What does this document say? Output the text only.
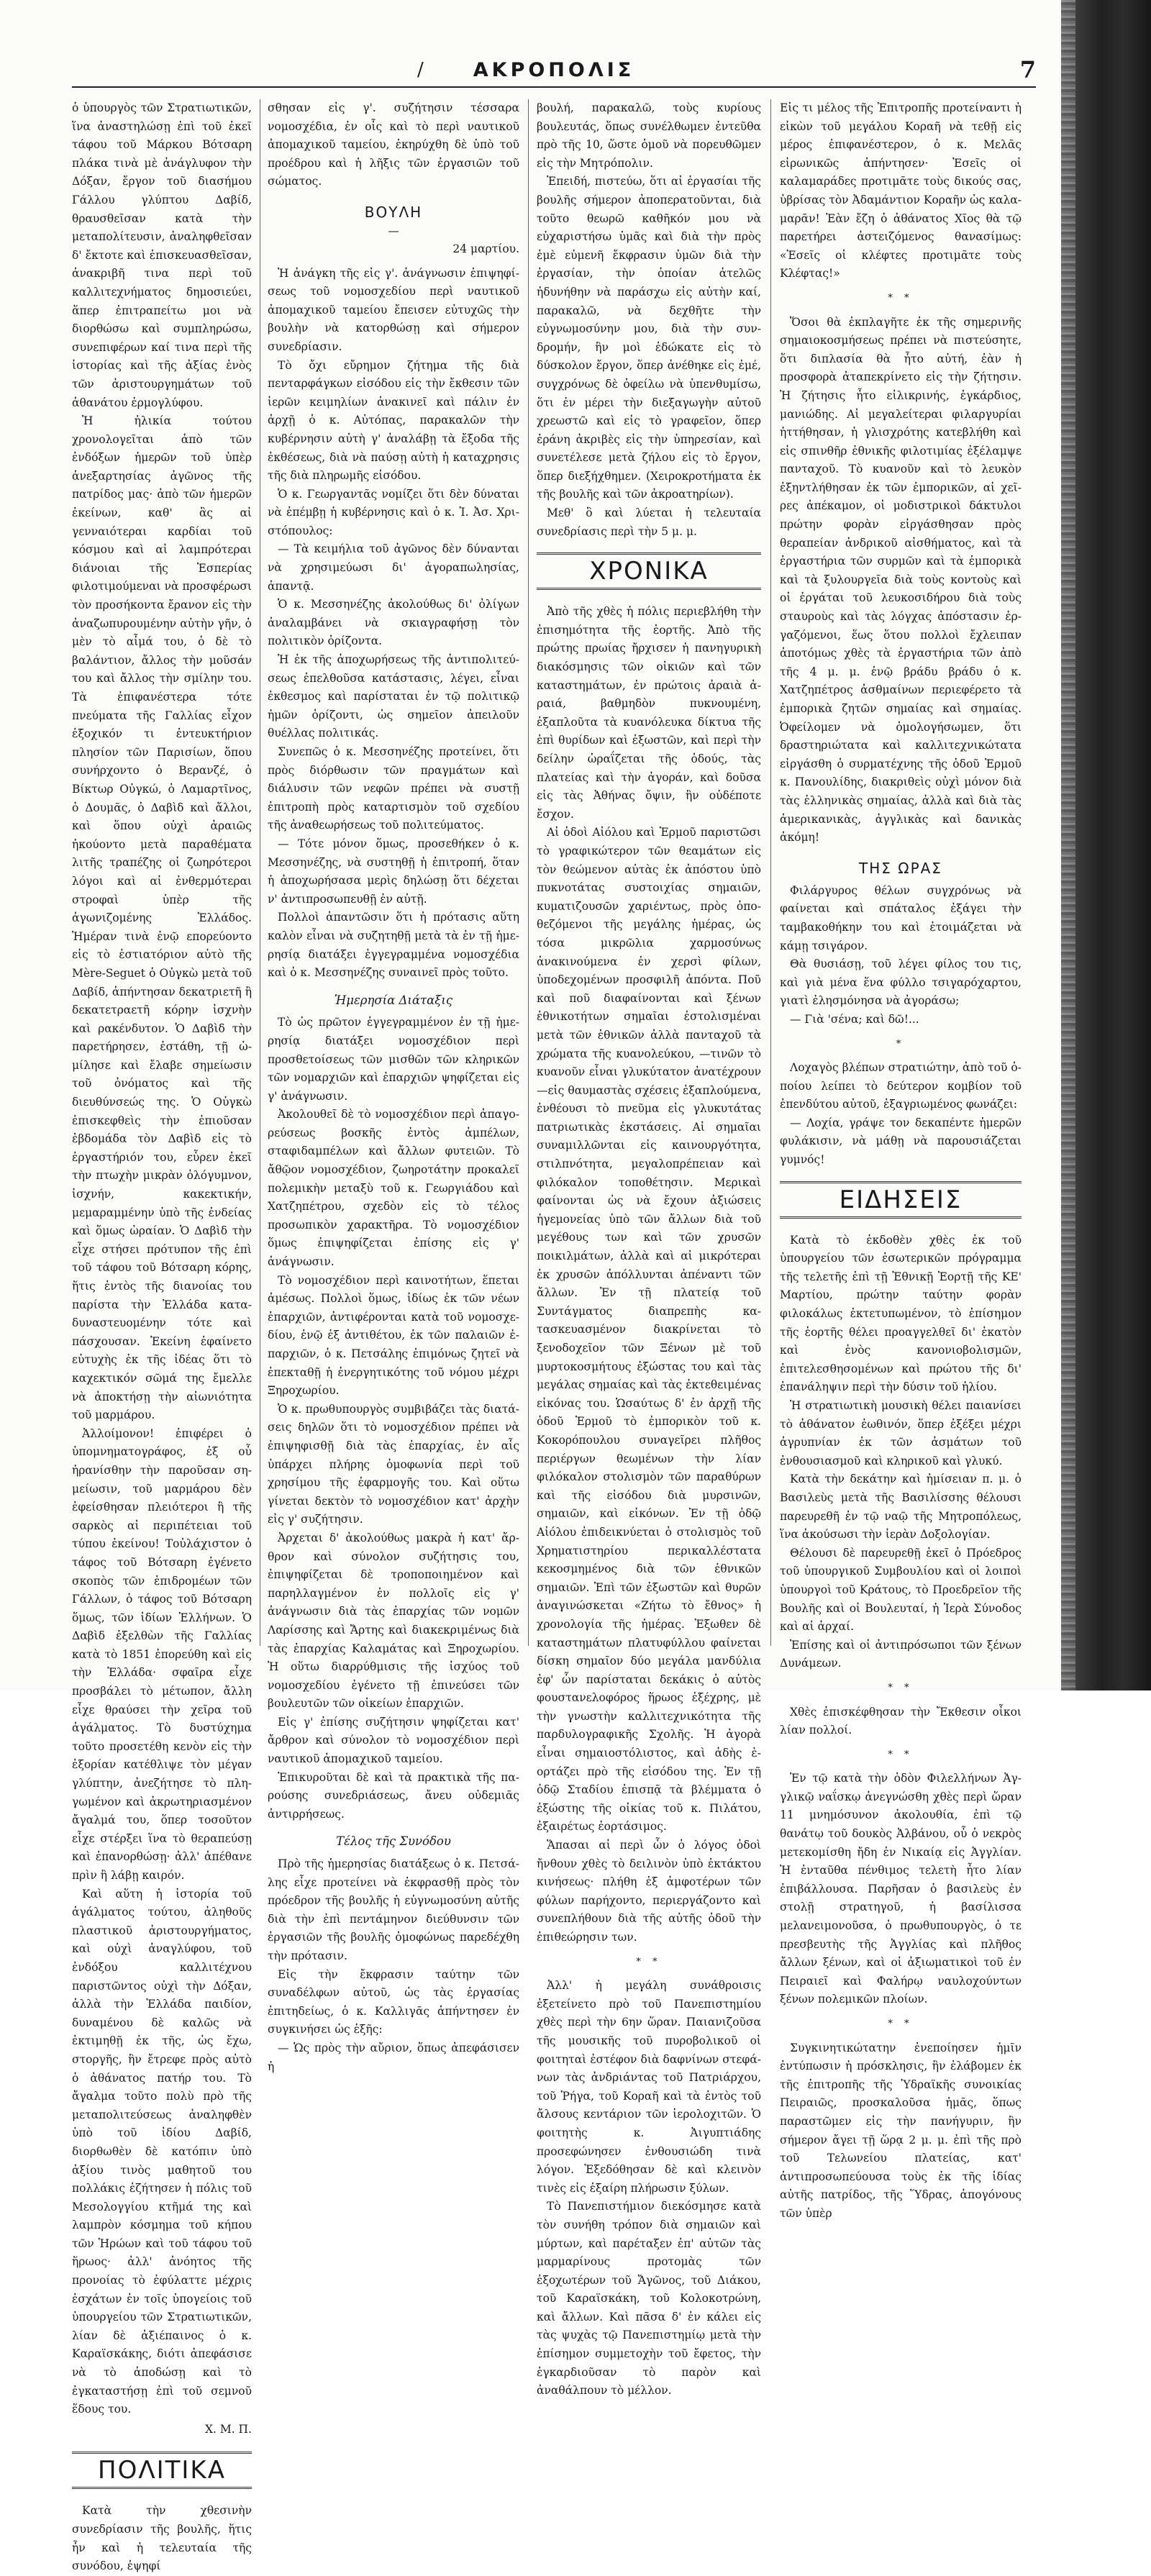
/	ΑΚΡΟΠΟΛΙΣ	7

ὁ ὑπουργὸς τῶν Στρατιωτικῶν, ἵνα ἀναστηλώσῃ ἐπὶ τοῦ ἐκεῖ τάφου τοῦ Μάρκου Βότσαρη πλάκα τινὰ μὲ ἀνάγλυφον τὴν Δόξαν, ἔργον τοῦ διασήμου Γάλλου γλύπτου Δαβίδ, θραυσθεῖσαν κατὰ τὴν μεταπολίτευσιν, ἀναληφθεῖσαν δ' ἔκτοτε καὶ ἐπισκευασθεῖσαν, ἀνακριβῆ τινα περὶ τοῦ καλλιτεχνήματος δημοσιεύει, ἅπερ ἐπιτραπείτω μοι νὰ διορθώσω καὶ συμπληρώσω, συνεπιφέρων καί τινα περὶ τῆς ἱστορίας καὶ τῆς ἀξίας ἑνὸς τῶν ἀριστουργημάτων τοῦ ἀθανάτου ἐρμογλύφου.

Ἡ ἡλικία τούτου χρονολογεῖται ἀπὸ τῶν ἐνδόξων ἡμερῶν τοῦ ὑπὲρ ἀνεξαρτησίας ἀγῶνος τῆς πατρίδος μας· ἀπὸ τῶν ἡμερῶν ἐκείνων, καθ' ἃς αἱ γενναιότεραι καρδίαι τοῦ κόσμου καὶ αἱ λαμπρότεραι διάνοιαι τῆς Ἑσπερίας φιλοτιμούμεναι νὰ προσφέρωσι τὸν προσήκοντα ἔρανον εἰς τὴν ἀναζωπυρουμένην αὐτὴν γῆν, ὁ μὲν τὸ αἷμά του, ὁ δὲ τὸ βαλάντιον, ἄλλος τὴν μοῦσάν του καὶ ἄλλος τὴν σμίλην του. Τὰ ἐπιφανέστερα τότε πνεύματα τῆς Γαλλίας εἶχον ἐξοχικόν τι ἐντευκτήριον πλησίον τῶν Παρισίων, ὅπου συνήρχοντο ὁ Βερανζέ, ὁ Βίκτωρ Οὐγκώ, ὁ Λαμαρτῖνος, ὁ Δουμᾶς, ὁ Δαβὶδ καὶ ἄλλοι, καὶ ὅπου οὐχὶ ἀραιῶς ἠκούοντο μετὰ παραθέματα λιτῆς τραπέζης οἱ ζωηρότεροι λόγοι καὶ αἱ ἐνθερμότεραι στροφαὶ ὑπὲρ τῆς ἀγωνιζομένης Ἑλλάδος. Ἡμέραν τινὰ ἐνῷ επορεύοντο εἰς τὸ ἑστιατόριον αὐτὸ τῆς Mère-Seguet ὁ Οὐγκὼ μετὰ τοῦ Δαβίδ, ἀπήντησαν δεκατριετῆ ἢ δεκατετραετῆ κόρην ἰσχνὴν καὶ ρακένδυτον. Ὁ Δαβὶδ τὴν παρετήρησεν, ἐστάθη, τῇ ὡμίλησε καὶ ἔλαβε σημείωσιν τοῦ ὀνόματος καὶ τῆς διευθύνσεώς της. Ὁ Οὐγκὼ ἐπισκεφθεὶς τὴν ἐπιοῦσαν ἑβδομάδα τὸν Δαβὶδ εἰς τὸ ἐργαστήριόν του, εὗρεν ἐκεῖ τὴν πτωχὴν μικρὰν ὀλόγυμνον, ἰσχνήν, κακεκτικήν, μεμαραμμένην ὑπὸ τῆς ἐνδείας καὶ ὅμως ὡραίαν. Ὁ Δαβὶδ τὴν εἶχε στήσει πρότυπον τῆς ἐπὶ τοῦ τάφου τοῦ Βότσαρη κόρης, ἥτις ἐντὸς τῆς διανοίας του παρίστα τὴν Ἑλλάδα καταδυναστευομένην τότε καὶ πάσχουσαν. Ἐκείνη ἐφαίνετο εὐτυχὴς ἐκ τῆς ἰδέας ὅτι τὸ καχεκτικόν σῶμά της ἔμελλε νὰ ἀποκτήσῃ τὴν αἰωνιότητα τοῦ μαρμάρου.

Ἀλλοίμονον! ἐπιφέρει ὁ ὑπομνηματογράφος, ἐξ οὗ ἠρανίσθην τὴν παροῦσαν σημείωσιν, τοῦ μαρμάρου δὲν ἐφείσθησαν πλειότεροι ἢ τῆς σαρκὸς αἱ περιπέτειαι τοῦ τύπου ἐκείνου! Τοὐλάχιστον ὁ τάφος τοῦ Βότσαρη ἐγένετο σκοπὸς τῶν ἐπιδρομέων τῶν Γάλλων, ὁ τάφος τοῦ Βότσαρη ὅμως, τῶν ἰδίων Ἑλλήνων. Ὁ Δαβὶδ ἐξελθὼν τῆς Γαλλίας κατὰ τὸ 1851 ἐπορεύθη καὶ εἰς τὴν Ἑλλάδα· σφαῖρα εἶχε προσβάλει τὸ μέτωπον, ἄλλη εἶχε θραύσει τὴν χεῖρα τοῦ ἀγάλματος. Τὸ δυστύχημα τοῦτο προσετέθη κενὸν εἰς τὴν ἐξορίαν κατέθλιψε τὸν μέγαν γλύπτην, ἀνεζήτησε τὸ πληγωμένον καὶ ἀκρωτηριασμένον ἄγαλμά του, ὅπερ τοσοῦτον εἶχε στέρξει ἵνα τὸ θεραπεύσῃ καὶ ἐπανορθώσῃ· ἀλλ' ἀπέθανε πρὶν ἢ λάβῃ καιρόν.

Καὶ αὕτη ἡ ἱστορία τοῦ ἀγάλματος τούτου, ἀληθοῦς πλαστικοῦ ἀριστουργήματος, καὶ οὐχὶ ἀναγλύφου, τοῦ ἐνδόξου καλλιτέχνου παριστῶντος οὐχὶ τὴν Δόξαν, ἀλλὰ τὴν Ἑλλάδα παιδίον, δυναμένου δὲ καλῶς νὰ ἐκτιμηθῇ ἐκ τῆς, ὡς ἔχω, στοργῆς, ἣν ἔτρεφε πρὸς αὐτὸ ὁ ἀθάνατος πατήρ του. Τὸ ἄγαλμα τοῦτο πολὺ πρὸ τῆς μεταπολιτεύσεως ἀναληφθὲν ὑπὸ τοῦ ἰδίου Δαβίδ, διορθωθὲν δὲ κατόπιν ὑπὸ ἀξίου τινὸς μαθητοῦ του πολλάκις ἐζήτησεν ἡ πόλις τοῦ Μεσολογγίου κτῆμά της καὶ λαμπρὸν κόσμημα τοῦ κήπου τῶν Ἡρώων καὶ τοῦ τάφου τοῦ ἥρωος· ἀλλ' ἀνόητος τῆς προνοίας τὸ ἐφύλαττε μέχρις ἐσχάτων ἐν τοῖς ὑπογείοις τοῦ ὑπουργείου τῶν Στρατιωτικῶν, λίαν δὲ ἀξιέπαινος ὁ κ. Καραϊσκάκης, διότι ἀπεφάσισε νὰ τὸ ἀποδώσῃ καὶ τὸ ἐγκαταστήσῃ ἐπὶ τοῦ σεμνοῦ ἕδους του.

Χ. Μ. Π.
ΠΟΛΙΤΙΚΑ

Κατὰ τὴν χθεσινὴν συνεδρίασιν τῆς βουλῆς, ἥτις ἦν καὶ ἡ τελευταία τῆς συνόδου, ἐψηφί

σθησαν εἰς γ'. συζήτησιν τέσσαρα νομοσχέδια, ἐν οἷς καὶ τὸ περὶ ναυτικοῦ ἀπομαχικοῦ ταμείου, ἐκηρύχθη δὲ ὑπὸ τοῦ προέδρου καὶ ἡ λῆξις τῶν ἐργασιῶν τοῦ σώματος.

ΒΟΥΛΗ
—
24 μαρτίου.

Ἡ ἀνάγκη τῆς εἰς γ'. ἀνάγνωσιν ἐπιψηφίσεως τοῦ νομοσχεδίου περὶ ναυτικοῦ ἀπομαχικοῦ ταμείου ἔπεισεν εὐτυχῶς τὴν βουλὴν νὰ κατορθώσῃ καὶ σήμερον συνεδρίασιν.

Τὸ ὄχι εὔρημον ζήτημα τῆς διὰ πενταρφάγκων εἰσόδου εἰς τὴν ἔκθεσιν τῶν ἱερῶν κειμηλίων ἀνακινεῖ καὶ πάλιν ἐν ἀρχῇ ὁ κ. Αὐτόπας, παρακαλῶν τὴν κυβέρνησιν αὐτὴ γ' ἀναλάβῃ τὰ ἔξοδα τῆς ἐκθέσεως, διὰ νὰ παύσῃ αὐτὴ ἡ καταχρησις τῆς διὰ πληρωμῆς εἰσόδου.

Ὁ κ. Γεωργαντᾶς νομίζει ὅτι δὲν δύναται νὰ ἐπέμβῃ ἡ κυβέρνησις καὶ ὁ κ. Ἰ. Ἀσ. Χριστόπουλος:

— Τὰ κειμήλια τοῦ ἀγῶνος δὲν δύνανται νὰ χρησιμεύωσι δι' ἀγοραπωλησίας, ἀπαντᾷ.

Ὁ κ. Μεσσηνέζης ἀκολούθως δι' ὀλίγων ἀναλαμβάνει νὰ σκιαγραφήσῃ τὸν πολιτικὸν ὁρίζοντα.

Ἡ ἐκ τῆς ἀποχωρήσεως τῆς ἀντιπολιτεύσεως ἐπελθοῦσα κατάστασις, λέγει, εἶναι ἐκθεσμος καὶ παρίσταται ἐν τῷ πολιτικῷ ἡμῶν ὁρίζοντι, ὡς σημεῖον ἀπειλοῦν θυέλλας πολιτικάς.

Συνεπῶς ὁ κ. Μεσσηνέζης προτείνει, ὅτι πρὸς διόρθωσιν τῶν πραγμάτων καὶ διάλυσιν τῶν νεφῶν πρέπει νὰ συστῇ ἐπιτροπὴ πρὸς καταρτισμὸν τοῦ σχεδίου τῆς ἀναθεωρήσεως τοῦ πολιτεύματος.

— Τότε μόνον ὅμως, προσεθήκεν ὁ κ. Μεσσηνέζης, νὰ συστηθῇ ἡ ἐπιτροπή, ὅταν ἡ ἀποχωρήσασα μερὶς δηλώσῃ ὅτι δέχεται ν' ἀντιπροσωπευθῇ ἐν αὐτῇ.

Πολλοὶ ἀπαντῶσιν ὅτι ἡ πρότασις αὕτη καλὸν εἶναι νὰ συζητηθῇ μετὰ τὰ ἐν τῇ ἡμερησίᾳ διατάξει ἐγγεγραμμένα νομοσχέδια καὶ ὁ κ. Μεσσηνέζης συναινεῖ πρὸς τοῦτο.

Ἡμερησία Διάταξις

Τὸ ὡς πρῶτον ἐγγεγραμμένον ἐν τῇ ἡμερησίᾳ διατάξει νομοσχέδιον περὶ προσθετοίσεως τῶν μισθῶν τῶν κληρικῶν τῶν νομαρχιῶν καὶ ἐπαρχιῶν ψηφίζεται εἰς γ' ἀνάγνωσιν.

Ἀκολουθεῖ δὲ τὸ νομοσχέδιον περὶ ἀπαγορεύσεως βοσκῆς ἐντὸς ἀμπέλων, σταφιδαμπέλων καὶ ἄλλων φυτειῶν. Τὸ ἄθῷον νομοσχέδιον, ζωηροτάτην προκαλεῖ πολεμικὴν μεταξὺ τοῦ κ. Γεωργιάδου καὶ Χατζηπέτρου, σχεδὸν εἰς τὸ τέλος προσωπικὸν χαρακτῆρα. Τὸ νομοσχέδιον ὅμως ἐπιψηφίζεται ἐπίσης εἰς γ' ἀνάγνωσιν.

Τὸ νομοσχέδιον περὶ καινοτήτων, ἕπεται ἀμέσως. Πολλοὶ ὅμως, ἰδίως ἐκ τῶν νέων ἐπαρχιῶν, ἀντιφέρονται κατὰ τοῦ νομοσχεδίου, ἐνῷ ἐξ ἀντιθέτου, ἐκ τῶν παλαιῶν ἐπαρχιῶν, ὁ κ. Πετσάλης ἐπιμόνως ζητεῖ νὰ ἐπεκταθῇ ἡ ἐνεργητικότης τοῦ νόμου μέχρι Ξηροχωρίου.

Ὁ κ. πρωθυπουργὸς συμβιβάζει τὰς διατάσεις δηλῶν ὅτι τὸ νομοσχέδιον πρέπει νὰ ἐπιψηφισθῇ διὰ τὰς ἐπαρχίας, ἐν αἷς ὑπάρχει πλήρης ὁμοφωνία περὶ τοῦ χρησίμου τῆς ἐφαρμογῆς του. Καὶ οὕτω γίνεται δεκτὸν τὸ νομοσχέδιον κατ' ἀρχὴν εἰς γ' συζήτησιν.

Ἀρχεται δ' ἀκολούθως μακρὰ ἡ κατ' ἄρθρον καὶ σύνολον συζήτησις του, ἐπιψηφίζεται δὲ τροποποιημένον καὶ παρηλλαγμένον ἐν πολλοῖς εἰς γ' ἀνάγνωσιν διὰ τὰς ἐπαρχίας τῶν νομῶν Λαρίσσης καὶ Ἄρτης καὶ διακεκριμένως διὰ τὰς ἐπαρχίας Καλαμάτας καὶ Ξηροχωρίου. Ἡ οὕτω διαρρύθμισις τῆς ἰσχύος τοῦ νομοσχεδίου ἐγένετο τῇ ἐπινεύσει τῶν βουλευτῶν τῶν οἰκείων ἐπαρχιῶν.

Εἰς γ' ἐπίσης συζήτησιν ψηφίζεται κατ' ἄρθρον καὶ σύνολον τὸ νομοσχέδιον περὶ ναυτικοῦ ἀπομαχικοῦ ταμείου.

Ἐπικυροῦται δὲ καὶ τὰ πρακτικὰ τῆς παρούσης συνεδριάσεως, ἄνευ οὐδεμιᾶς ἀντιρρήσεως.

Τέλος τῆς Συνόδου

Πρὸ τῆς ἡμερησίας διατάξεως ὁ κ. Πετσάλης εἶχε προτείνει νὰ ἐκφρασθῇ πρὸς τὸν πρόεδρον τῆς βουλῆς ἡ εὐγνωμοσύνη αὐτῆς διὰ τὴν ἐπὶ πεντάμηνον διεύθυνσιν τῶν ἐργασιῶν τῆς βουλῆς ὁμοφώνως παρεδέχθη τὴν πρότασιν.

Εἰς τὴν ἔκφρασιν ταύτην τῶν συναδέλφων αὐτοῦ, ὡς τὰς ἐργασίας ἐπιτηδείως, ὁ κ. Καλλιγᾶς ἀπήντησεν ἐν συγκινήσει ὡς ἑξῆς:

— Ὡς πρὸς τὴν αὔριον, ὅπως ἀπεφάσισεν ἡ

βουλή, παρακαλῶ, τοὺς κυρίους βουλευτάς, ὅπως συνέλθωμεν ἐντεῦθα πρὸ τῆς 10, ὥστε ὁμοῦ νὰ πορευθῶμεν εἰς τὴν Μητρόπολιν.

Ἐπειδή, πιστεύω, ὅτι αἱ ἐργασίαι τῆς βουλῆς σήμερον ἀποπερατοῦνται, διὰ τοῦτο θεωρῶ καθῆκόν μου νὰ εὐχαριστήσω ὑμᾶς καὶ διὰ τὴν πρὸς ἐμὲ εὐμενῆ ἔκφρασιν ὑμῶν διὰ τὴν ἐργασίαν, τὴν ὁποίαν ἀτελῶς ἠδυνήθην νὰ παράσχω εἰς αὐτὴν καί, παρακαλῶ, νὰ δεχθῆτε τὴν εὐγνωμοσύνην μου, διὰ τὴν συνδρομήν, ἣν μοὶ ἐδώκατε εἰς τὸ δύσκολον ἔργον, ὅπερ ἀνέθηκε εἰς ἐμέ, συγχρόνως δὲ ὀφείλω νὰ ὑπενθυμίσω, ὅτι ἐν μέρει τὴν διεξαγωγὴν αὐτοῦ χρεωστῶ καὶ εἰς τὸ γραφεῖον, ὅπερ ἐράνη ἀκριβὲς εἰς τὴν ὑπηρεσίαν, καὶ συνετέλεσε μετὰ ζήλου εἰς τὸ ἔργον, ὅπερ διεξήχθημεν. (Χειροκροτήματα ἐκ τῆς βουλῆς καὶ τῶν ἀκροατηρίων).

Μεθ' ὃ καὶ λύεται ἡ τελευταία συνεδρίασις περὶ τὴν 5 μ. μ.

ΧΡΟΝΙΚΑ

Ἀπὸ τῆς χθὲς ἡ πόλις περιεβλήθη τὴν ἐπισημότητα τῆς ἑορτῆς. Ἀπὸ τῆς πρώτης πρωίας ἤρχισεν ἡ πανηγυρικὴ διακόσμησις τῶν οἰκιῶν καὶ τῶν καταστημάτων, ἐν πρώτοις ἀραιὰ ἀραιά, βαθμηδὸν πυκνουμένη, ἐξαπλοῦτα τὰ κυανόλευκα δίκτυα τῆς ἐπὶ θυρίδων καὶ ἐξωστῶν, καὶ περὶ τὴν δείλην ὡραΐζεται τῆς ὁδούς, τὰς πλατείας καὶ τὴν ἀγοράν, καὶ δοῦσα εἰς τὰς Ἀθήνας ὄψιν, ἣν οὐδέποτε ἔσχον.

Αἱ ὁδοὶ Αἰόλου καὶ Ἑρμοῦ παριστῶσι τὸ γραφικώτερον τῶν θεαμάτων εἰς τὸν θεώμενον αὐτὰς ἐκ ἀπόστου ὑπὸ πυκνοτάτας συστοιχίας σημαιῶν, κυματιζουσῶν χαριέντως, πρὸς ὁποθεζόμενοι τῆς μεγάλης ἡμέρας, ὡς τόσα μικρῶλια χαρμοσύνως ἀνακινούμενα ἐν χερσὶ φίλων, ὑποδεχομένων προσφιλῆ ἀπόντα. Ποῦ καὶ ποῦ διαφαίνονται καὶ ξένων ἐθνικοτήτων σημαῖαι ἐστολισμέναι μετὰ τῶν ἐθνικῶν ἀλλὰ πανταχοῦ τὰ χρώματα τῆς κυανολεύκου, —τινῶν τὸ κυανοῦν εἶναι γλυκύτατον ἀνατέχρουν—εἰς θαυμαστὰς σχέσεις ἐξαπλούμενα, ἐνθέουσι τὸ πνεῦμα εἰς γλυκυτάτας πατριωτικὰς ἐκστάσεις. Αἱ σημαῖαι συναμιλλῶνται εἰς καινουργότητα, στιλπνότητα, μεγαλοπρέπειαν καὶ φιλόκαλον τοποθέτησιν. Μερικαὶ φαίνονται ὡς νὰ ἔχουν ἀξιώσεις ἡγεμονείας ὑπὸ τῶν ἄλλων διὰ τοῦ μεγέθους των καὶ τῶν χρυσῶν ποικιλμάτων, ἀλλὰ καὶ αἱ μικρότεραι ἐκ χρυσῶν ἀπόλλυνται ἀπέναντι τῶν ἄλλων. Ἐν τῇ πλατείᾳ τοῦ Συντάγματος διαπρεπὴς κατασκευασμένον διακρίνεται τὸ ξενοδοχεῖον τῶν Ξένων μὲ τοῦ μυρτοκοσμήτους ἐξώστας του καὶ τὰς μεγάλας σημαίας καὶ τὰς ἐκτεθειμένας εἰκόνας του. Ὡσαύτως δ' ἐν ἀρχῇ τῆς ὁδοῦ Ἑρμοῦ τὸ ἐμπορικὸν τοῦ κ. Κοκορόπουλου συναγεῖρει πλῆθος περιέργων θεωμένων τὴν λίαν φιλόκαλον στολισμὸν τῶν παραθύρων καὶ τῆς εἰσόδου διὰ μυρσινῶν, σημαιῶν, καὶ εἰκόνων. Ἐν τῇ ὁδῷ Αἰόλου ἐπιδεικνύεται ὁ στολισμὸς τοῦ Χρηματιστηρίου περικαλλέστατα κεκοσμημένος διὰ τῶν ἐθνικῶν σημαιῶν. Ἐπὶ τῶν ἐξωστῶν καὶ θυρῶν ἀναγινώσκεται «Ζήτω τὸ ἔθνος» ἡ χρονολογία τῆς ἡμέρας. Ἐξωθεν δὲ καταστημάτων πλατυφύλλου φαίνεται δίσκη σημαῖον δύο μεγάλα μανδύλια ἐφ' ὧν παρίσταται δεκάκις ὁ αὐτὸς φουστανελοφόρος ἥρωος ἐξέχρης, μὲ τὴν γνωστὴν καλλιτεχνικότητα τῆς παρδυλογραφικῆς Σχολῆς. Ἡ ἀγορὰ εἶναι σημαιοστόλιστος, καὶ ἀδὴς ἑορτάζει πρὸ τῆς εἰσόδου της. Ἐν τῇ ὁδῷ Σταδίου ἐπισπᾷ τὰ βλέμματα ὁ ἐξώστης τῆς οἰκίας τοῦ κ. Πιλάτου, ἐξαιρέτως ἐορτάσιμος.

Ἅπασαι αἱ περὶ ὧν ὁ λόγος ὁδοὶ ἤνθουν χθὲς τὸ δειλινὸν ὑπὸ ἐκτάκτου κινήσεως· πλήθη ἐξ ἀμφοτέρων τῶν φύλων παρήχοντο, περιεργάζοντο καὶ συνεπλήθουν διὰ τῆς αὐτῆς ὁδοῦ τὴν ἐπιθεώρησιν των.

* *

Ἀλλ' ἡ μεγάλη συνάθροισις ἐξετείνετο πρὸ τοῦ Πανεπιστημίου χθὲς περὶ τὴν 6ην ὥραν. Παιανιζοῦσα τῆς μουσικῆς τοῦ πυροβολικοῦ οἱ φοιτηταὶ ἐστέφον διὰ δαφνίνων στεφάνων τὰς ἀνδριάντας τοῦ Πατριάρχου, τοῦ Ῥήγα, τοῦ Κοραῆ καὶ τὰ ἐντὸς τοῦ ἄλσους κεντάριον τῶν ἱερολοχιτῶν. Ὁ φοιτητὴς κ. Ἀιγυπτιάδης προσεφώνησεν ἐνθουσιώδη τινὰ λόγον. Ἐξεδόθησαν δὲ καὶ κλεινὸν τινὲς εἰς ἐξαίρη πλήρωσιν ξύλων.

Τὸ Πανεπιστήμιον διεκόσμησε κατὰ τὸν συνήθη τρόπον διὰ σημαιῶν καὶ μύρτων, καὶ παρέταξεν ἐπ' αὐτῶν τὰς μαρμαρίνους προτομὰς τῶν ἐξοχωτέρων τοῦ Ἄγῶνος, τοῦ Διάκου, τοῦ Καραϊσκάκη, τοῦ Κολοκοτρώνη, καὶ ἄλλων. Καὶ πᾶσα δ' ἐν κάλει εἰς τὰς ψυχὰς τῷ Πανεπιστημίῳ μετὰ τὴν ἐπίσημον συμμετοχὴν τοῦ ἔφετος, τὴν ἐγκαρδιοῦσαν τὸ παρὸν καὶ ἀναθάλπουν τὸ μέλλον.

Εἰς τι μέλος τῆς Ἐπιτροπῆς προτείναντι ἡ εἰκὼν τοῦ μεγάλου Κοραῆ νὰ τεθῇ εἰς μέρος ἐπιφανέστερον, ὁ κ. Μελᾶς εἰρωνικῶς ἀπήντησεν· Ἐσεῖς οἱ καλαμαράδες προτιμᾶτε τοὺς δικούς σας, ὑβρίσας τὸν Ἀδαμάντιον Κοραῆν ὡς καλαμαρᾶν! Ἐὰν ἔζη ὁ ἀθάνατος Χῖος θὰ τῷ παρετήρει ἀστειζόμενος θανασίμως: «Ἐσεῖς οἱ κλέφτες προτιμᾶτε τοὺς Κλέφτας!»

* *

Ὅσοι θὰ ἐκπλαγῆτε ἐκ τῆς σημερινῆς σημαιοκοσμήσεως πρέπει νὰ πιστεύσητε, ὅτι διπλασία θὰ ἦτο αὐτή, ἐὰν ἡ προσφορὰ ἀταπεκρίνετο εἰς τὴν ζήτησιν. Ἡ ζήτησις ἦτο εἰλικρινής, ἐγκάρδιος, μανιώδης. Αἱ μεγαλείτεραι φιλαργυρίαι ἡττήθησαν, ἡ γλισχρότης κατεβλήθη καὶ εἰς σπινθῆρ ἐθνικῆς φιλοτιμίας ἐξέλαμψε πανταχοῦ. Τὸ κυανοῦν καὶ τὸ λευκὸν ἐξηντλήθησαν ἐκ τῶν ἐμπορικῶν, αἱ χεῖρες ἀπέκαμον, οἱ μοδιστρικοὶ δάκτυλοι πρώτην φορὰν εἰργάσθησαν πρὸς θεραπείαν ἀνδρικοῦ αἰσθήματος, καὶ τὰ ἐργαστήρια τῶν συρμῶν καὶ τὰ ἐμπορικὰ καὶ τὰ ξυλουργεῖα διὰ τοὺς κοντοὺς καὶ οἱ ἐργάται τοῦ λευκοσιδήρου διὰ τοὺς σταυροὺς καὶ τὰς λόγχας ἀπόστασιν ἐργαζόμενοι, ἕως ὅτου πολλοὶ ἔχλειπαν ἀποτόμως χθὲς τὰ ἐργαστήρια τῶν ἀπὸ τῆς 4 μ. μ. ἐνῷ βράδυ βράδυ ὁ κ. Χατζηπέτρος ἀσθμαίνων περιεφέρετο τὰ ἐμπορικὰ ζητῶν σημαίας καὶ σημαίας. Ὀφείλομεν νὰ ὁμολογήσωμεν, ὅτι δραστηριώτατα καὶ καλλιτεχνικώτατα εἰργάσθη ὁ συρματέχνης τῆς ὁδοῦ Ἑρμοῦ κ. Πανουλίδης, διακριθεὶς οὐχὶ μόνον διὰ τὰς ἑλληνικὰς σημαίας, ἀλλὰ καὶ διὰ τὰς ἀμερικανικὰς, ἀγγλικὰς καὶ δανικὰς ἀκόμη!

ΤΗΣ ΩΡΑΣ

Φιλάργυρος θέλων συγχρόνως νὰ φαίνεται καὶ σπάταλος ἐξάγει τὴν ταμβακοθήκην του καὶ ἑτοιμάζεται νὰ κάμῃ τσιγάρον.

Θὰ θυσιάσῃ, τοῦ λέγει φίλος του τις, καὶ γιὰ μένα ἕνα φύλλο τσιγαρόχαρτου, γιατὶ ἐλησμόνησα νὰ ἀγοράσω;

— Γιὰ 'σένα; καὶ δῶ!...

*

Λοχαγὸς βλέπων στρατιώτην, ἀπὸ τοῦ ὁποίου λείπει τὸ δεύτερον κομβίον τοῦ ἐπενδύτου αὐτοῦ, ἐξαγριωμένος φωνάζει:

— Λοχία, γράψε τον δεκαπέντε ἡμερῶν φυλάκισιν, νὰ μάθῃ νὰ παρουσιάζεται γυμνός!

ΕΙΔΗΣΕΙΣ

Κατὰ τὸ ἐκδοθὲν χθὲς ἐκ τοῦ ὑπουργείου τῶν ἐσωτερικῶν πρόγραμμα τῆς τελετῆς ἐπὶ τῇ Ἐθνικῇ Ἑορτῇ τῆς ΚΕ' Μαρτίου, πρώτην ταύτην φορὰν φιλοκάλως ἐκτετυπωμένον, τὸ ἐπίσημον τῆς ἑορτῆς θέλει προαγγελθεῖ δι' ἑκατὸν καὶ ἑνὸς κανονιοβολισμῶν, ἐπιτελεσθησομένων καὶ πρώτου τῆς δι' ἐπανάληψιν περὶ τὴν δύσιν τοῦ ἡλίου.

Ἡ στρατιωτικὴ μουσικὴ θέλει παιανίσει τὸ ἀθάνατον ἐωθινόν, ὅπερ ἐξέξει μέχρι ἀγρυπνίαν ἐκ τῶν ἀσμάτων τοῦ ἐνθουσιασμοῦ καὶ κληρικοῦ καὶ γλυκύ.

Κατὰ τὴν δεκάτην καὶ ἡμίσειαν π. μ. ὁ Βασιλεὺς μετὰ τῆς Βασιλίσσης θέλουσι παρευρεθῆ ἐν τῷ ναῷ τῆς Μητροπόλεως, ἵνα ἀκούσωσι τὴν ἱερὰν Δοξολογίαν.

Θέλουσι δὲ παρευρεθῇ ἐκεῖ ὁ Πρόεδρος τοῦ ὑπουργικοῦ Συμβουλίου καὶ οἱ λοιποὶ ὑπουργοὶ τοῦ Κράτους, τὸ Προεδρεῖον τῆς Βουλῆς καὶ οἱ Βουλευταί, ἡ Ἱερὰ Σύνοδος καὶ αἱ ἀρχαί.

Ἐπίσης καὶ οἱ ἀντιπρόσωποι τῶν ξένων Δυνάμεων.

* *

Χθὲς ἐπισκέφθησαν τὴν Ἔκθεσιν οἶκοι λίαν πολλοί.

* *

Ἐν τῷ κατὰ τὴν ὁδὸν Φιλελλήνων Ἀγγλικῷ ναΐσκῳ ἀνεγνώσθη χθὲς περὶ ὥραν 11 μνημόσυνον ἀκολουθία, ἐπὶ τῷ θανάτῳ τοῦ δουκὸς Ἀλβάνου, οὗ ὁ νεκρὸς μετεκομίσθη ἤδη ἐν Νικαίᾳ εἰς Ἀγγλίαν. Ἡ ἐνταῦθα πένθιμος τελετὴ ἦτο λίαν ἐπιβάλλουσα. Παρῆσαν ὁ βασιλεὺς ἐν στολῇ στρατηγοῦ, ἡ βασίλισσα μελανειμονοῦσα, ὁ πρωθυπουργὸς, ὁ τε πρεσβευτὴς τῆς Ἀγγλίας καὶ πλῆθος ἄλλων ξένων, καὶ οἱ ἀξιωματικοὶ τοῦ ἐν Πειραιεῖ καὶ Φαλήρῳ ναυλοχούντων ξένων πολεμικῶν πλοίων.

* *

Συγκινητικώτατην ἐνεποίησεν ἡμῖν ἐντύπωσιν ἡ πρόσκλησις, ἣν ἐλάβομεν ἐκ τῆς ἐπιτροπῆς τῆς Ὑδραϊκῆς συνοικίας Πειραιῶς, προσκαλοῦσα ἡμᾶς, ὅπως παραστῶμεν εἰς τὴν πανήγυριν, ἣν σήμερον ἄγει τῇ ὥρᾳ 2 μ. μ. ἐπὶ τῆς πρὸ τοῦ Τελωνείου πλατείας, κατ' ἀντιπροσωπεύουσα τοὺς ἐκ τῆς ἰδίας αὐτῆς πατρίδος, τῆς Ὕδρας, ἀπογόνους τῶν ὑπὲρ
